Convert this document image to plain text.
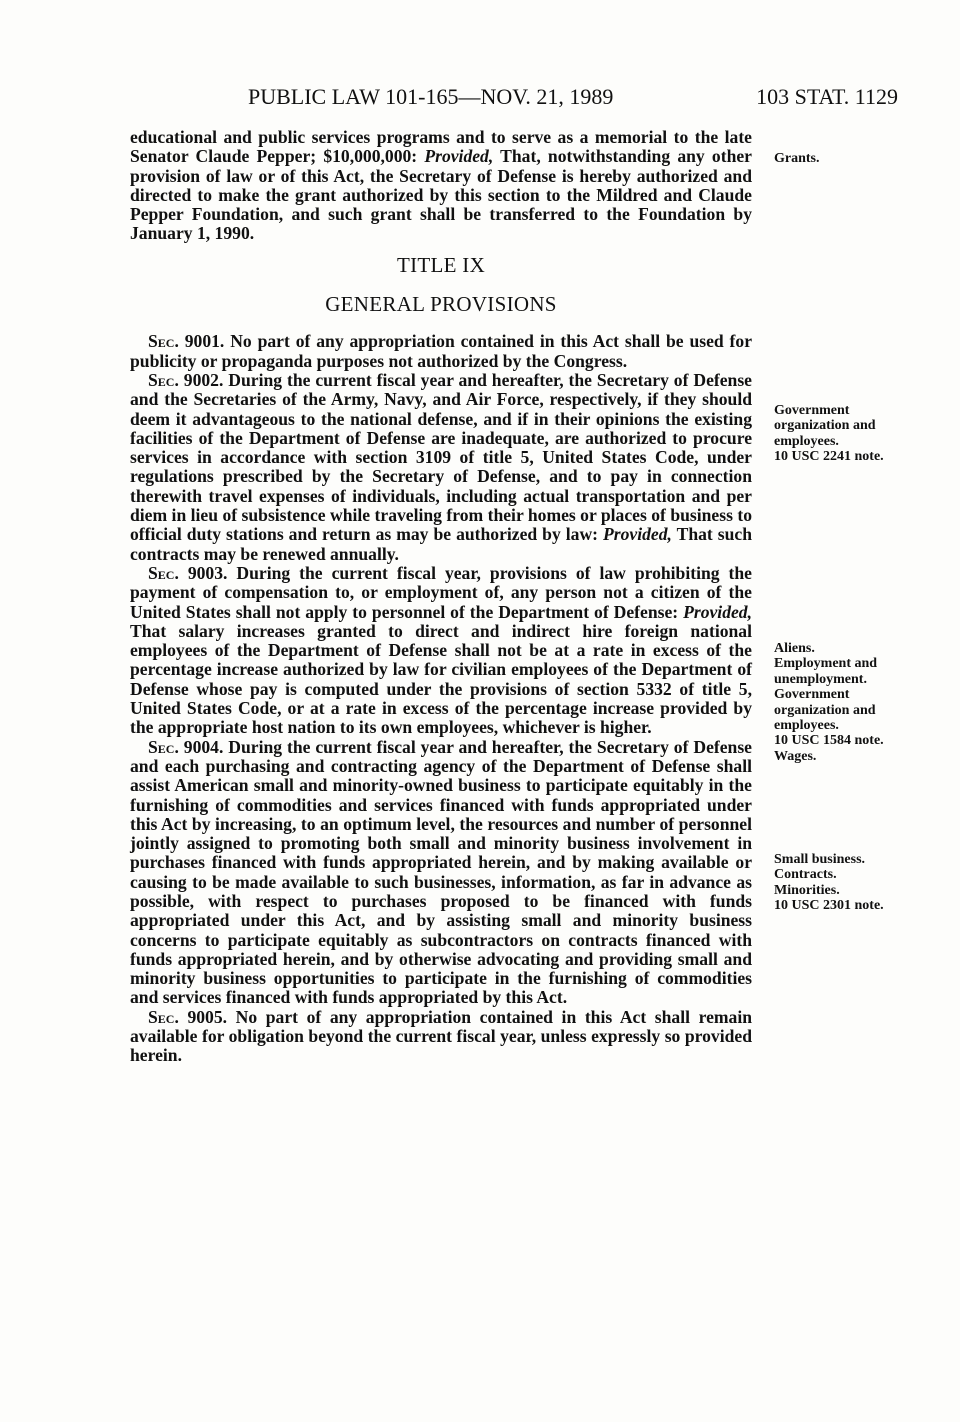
PUBLIC LAW 101-165—NOV. 21, 1989	103 STAT. 1129

educational and public services programs and to serve as a memorial to the late Senator Claude Pepper; $10,000,000: Provided, That, notwithstanding any other provision of law or of this Act, the Secretary of Defense is hereby authorized and directed to make the grant authorized by this section to the Mildred and Claude Pepper Foundation, and such grant shall be transferred to the Foundation by January 1, 1990.

TITLE IX
GENERAL PROVISIONS

Sec. 9001. No part of any appropriation contained in this Act shall be used for publicity or propaganda purposes not authorized by the Congress.

Sec. 9002. During the current fiscal year and hereafter, the Secretary of Defense and the Secretaries of the Army, Navy, and Air Force, respectively, if they should deem it advantageous to the national defense, and if in their opinions the existing facilities of the Department of Defense are inadequate, are authorized to procure services in accordance with section 3109 of title 5, United States Code, under regulations prescribed by the Secretary of Defense, and to pay in connection therewith travel expenses of individuals, including actual transportation and per diem in lieu of subsistence while traveling from their homes or places of business to official duty stations and return as may be authorized by law: Provided, That such contracts may be renewed annually.

Sec. 9003. During the current fiscal year, provisions of law prohibiting the payment of compensation to, or employment of, any person not a citizen of the United States shall not apply to personnel of the Department of Defense: Provided, That salary increases granted to direct and indirect hire foreign national employees of the Department of Defense shall not be at a rate in excess of the percentage increase authorized by law for civilian employees of the Department of Defense whose pay is computed under the provisions of section 5332 of title 5, United States Code, or at a rate in excess of the percentage increase provided by the appropriate host nation to its own employees, whichever is higher.

Sec. 9004. During the current fiscal year and hereafter, the Secretary of Defense and each purchasing and contracting agency of the Department of Defense shall assist American small and minority-owned business to participate equitably in the furnishing of commodities and services financed with funds appropriated under this Act by increasing, to an optimum level, the resources and number of personnel jointly assigned to promoting both small and minority business involvement in purchases financed with funds appropriated herein, and by making available or causing to be made available to such businesses, information, as far in advance as possible, with respect to purchases proposed to be financed with funds appropriated under this Act, and by assisting small and minority business concerns to participate equitably as subcontractors on contracts financed with funds appropriated herein, and by otherwise advocating and providing small and minority business opportunities to participate in the furnishing of commodities and services financed with funds appropriated by this Act.

Sec. 9005. No part of any appropriation contained in this Act shall remain available for obligation beyond the current fiscal year, unless expressly so provided herein.

Grants.
Government organization and employees.
10 USC 2241 note.
Aliens.
Employment and unemployment.
Government organization and employees.
10 USC 1584 note.
Wages.
Small business.
Contracts.
Minorities.
10 USC 2301 note.
